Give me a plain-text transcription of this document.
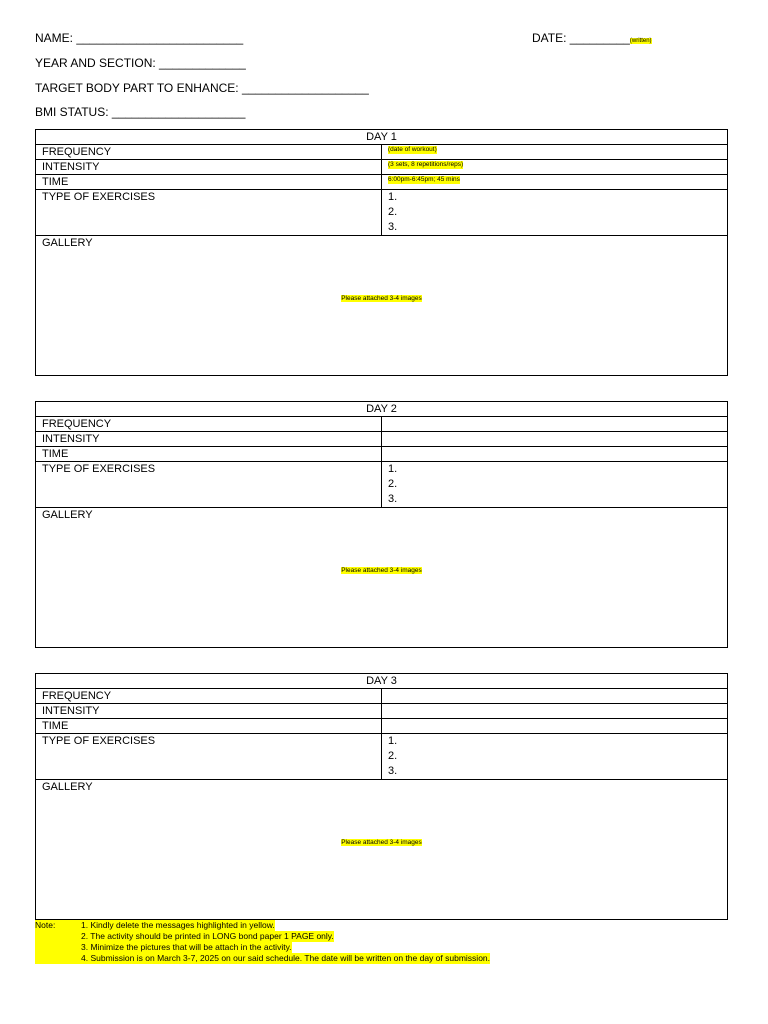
NAME: _________________________	DATE: _________(written)
YEAR AND SECTION: _____________
TARGET BODY PART TO ENHANCE: ___________________
BMI STATUS: ____________________
DAY 1	
FREQUENCY	(date of workout)
INTENSITY	(3 sets, 8 repetitions/reps)
TIME	6:00pm-6:45pm; 45 mins
TYPE OF EXERCISES	1.
2.
3.

GALLERY
Please attached 3-4 images	
DAY 2	
FREQUENCY	
INTENSITY	
TIME	
TYPE OF EXERCISES	1.
2.
3.

GALLERY
Please attached 3-4 images	
DAY 3	
FREQUENCY	
INTENSITY	
TIME	
TYPE OF EXERCISES	1.
2.
3.

GALLERY
Please attached 3-4 images	
Note:	1. Kindly delete the messages highlighted in yellow.
2. The activity should be printed in LONG bond paper 1 PAGE only.
3. Minimize the pictures that will be attach in the activity.
4. Submission is on March 3-7, 2025 on our said schedule. The date will be written on the day of submission.
